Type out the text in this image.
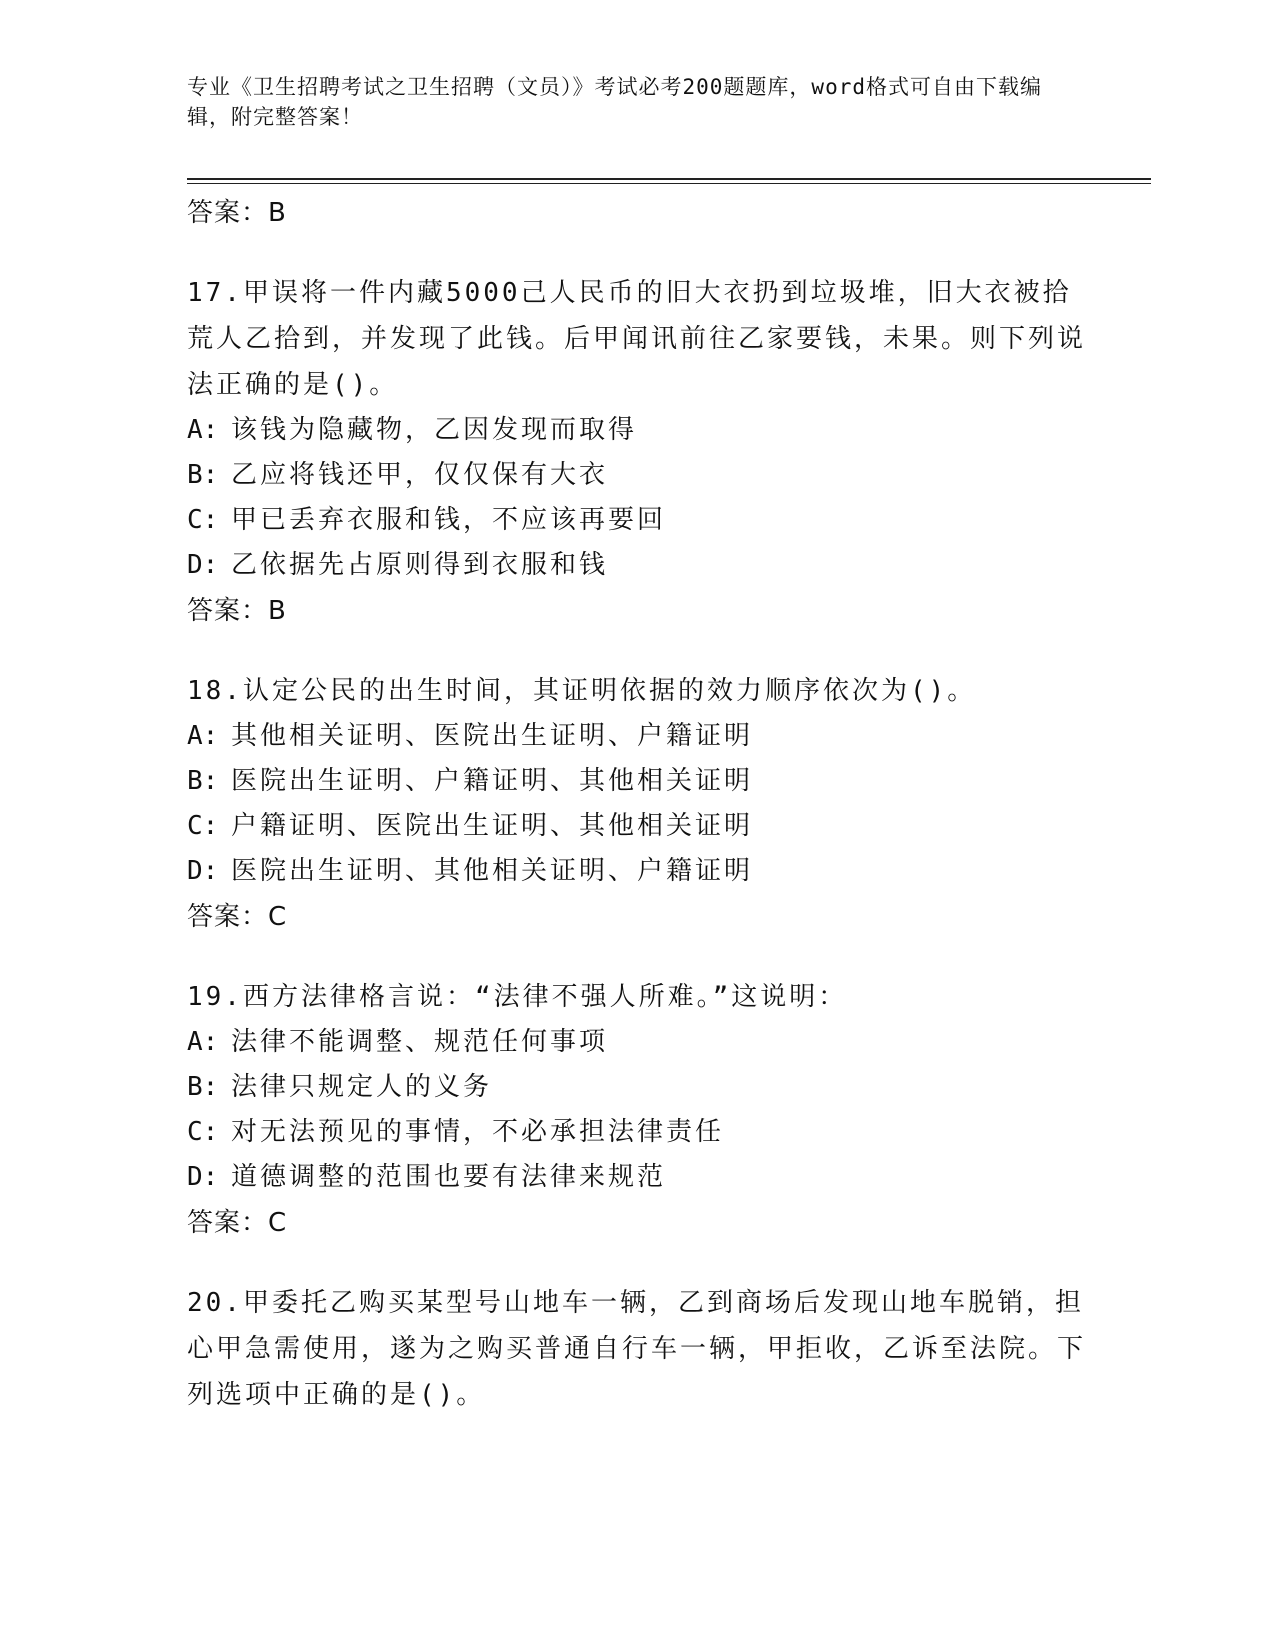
专业《卫生招聘考试之卫生招聘（文员）》考试必考200题题库，word格式可自由下载编辑，附完整答案！
答案：B
17.甲误将一件内藏5000己人民币的旧大衣扔到垃圾堆，旧大衣被拾荒人乙拾到，并发现了此钱。后甲闻讯前往乙家要钱，未果。则下列说法正确的是()。
A: 该钱为隐藏物，乙因发现而取得
B: 乙应将钱还甲，仅仅保有大衣
C: 甲已丢弃衣服和钱，不应该再要回
D: 乙依据先占原则得到衣服和钱
答案：B
18.认定公民的出生时间，其证明依据的效力顺序依次为()。
A: 其他相关证明、医院出生证明、户籍证明
B: 医院出生证明、户籍证明、其他相关证明
C: 户籍证明、医院出生证明、其他相关证明
D: 医院出生证明、其他相关证明、户籍证明
答案：C
19.西方法律格言说：“法律不强人所难。”这说明：
A: 法律不能调整、规范任何事项
B: 法律只规定人的义务
C: 对无法预见的事情，不必承担法律责任
D: 道德调整的范围也要有法律来规范
答案：C
20.甲委托乙购买某型号山地车一辆，乙到商场后发现山地车脱销，担心甲急需使用，遂为之购买普通自行车一辆，甲拒收，乙诉至法院。下列选项中正确的是()。
